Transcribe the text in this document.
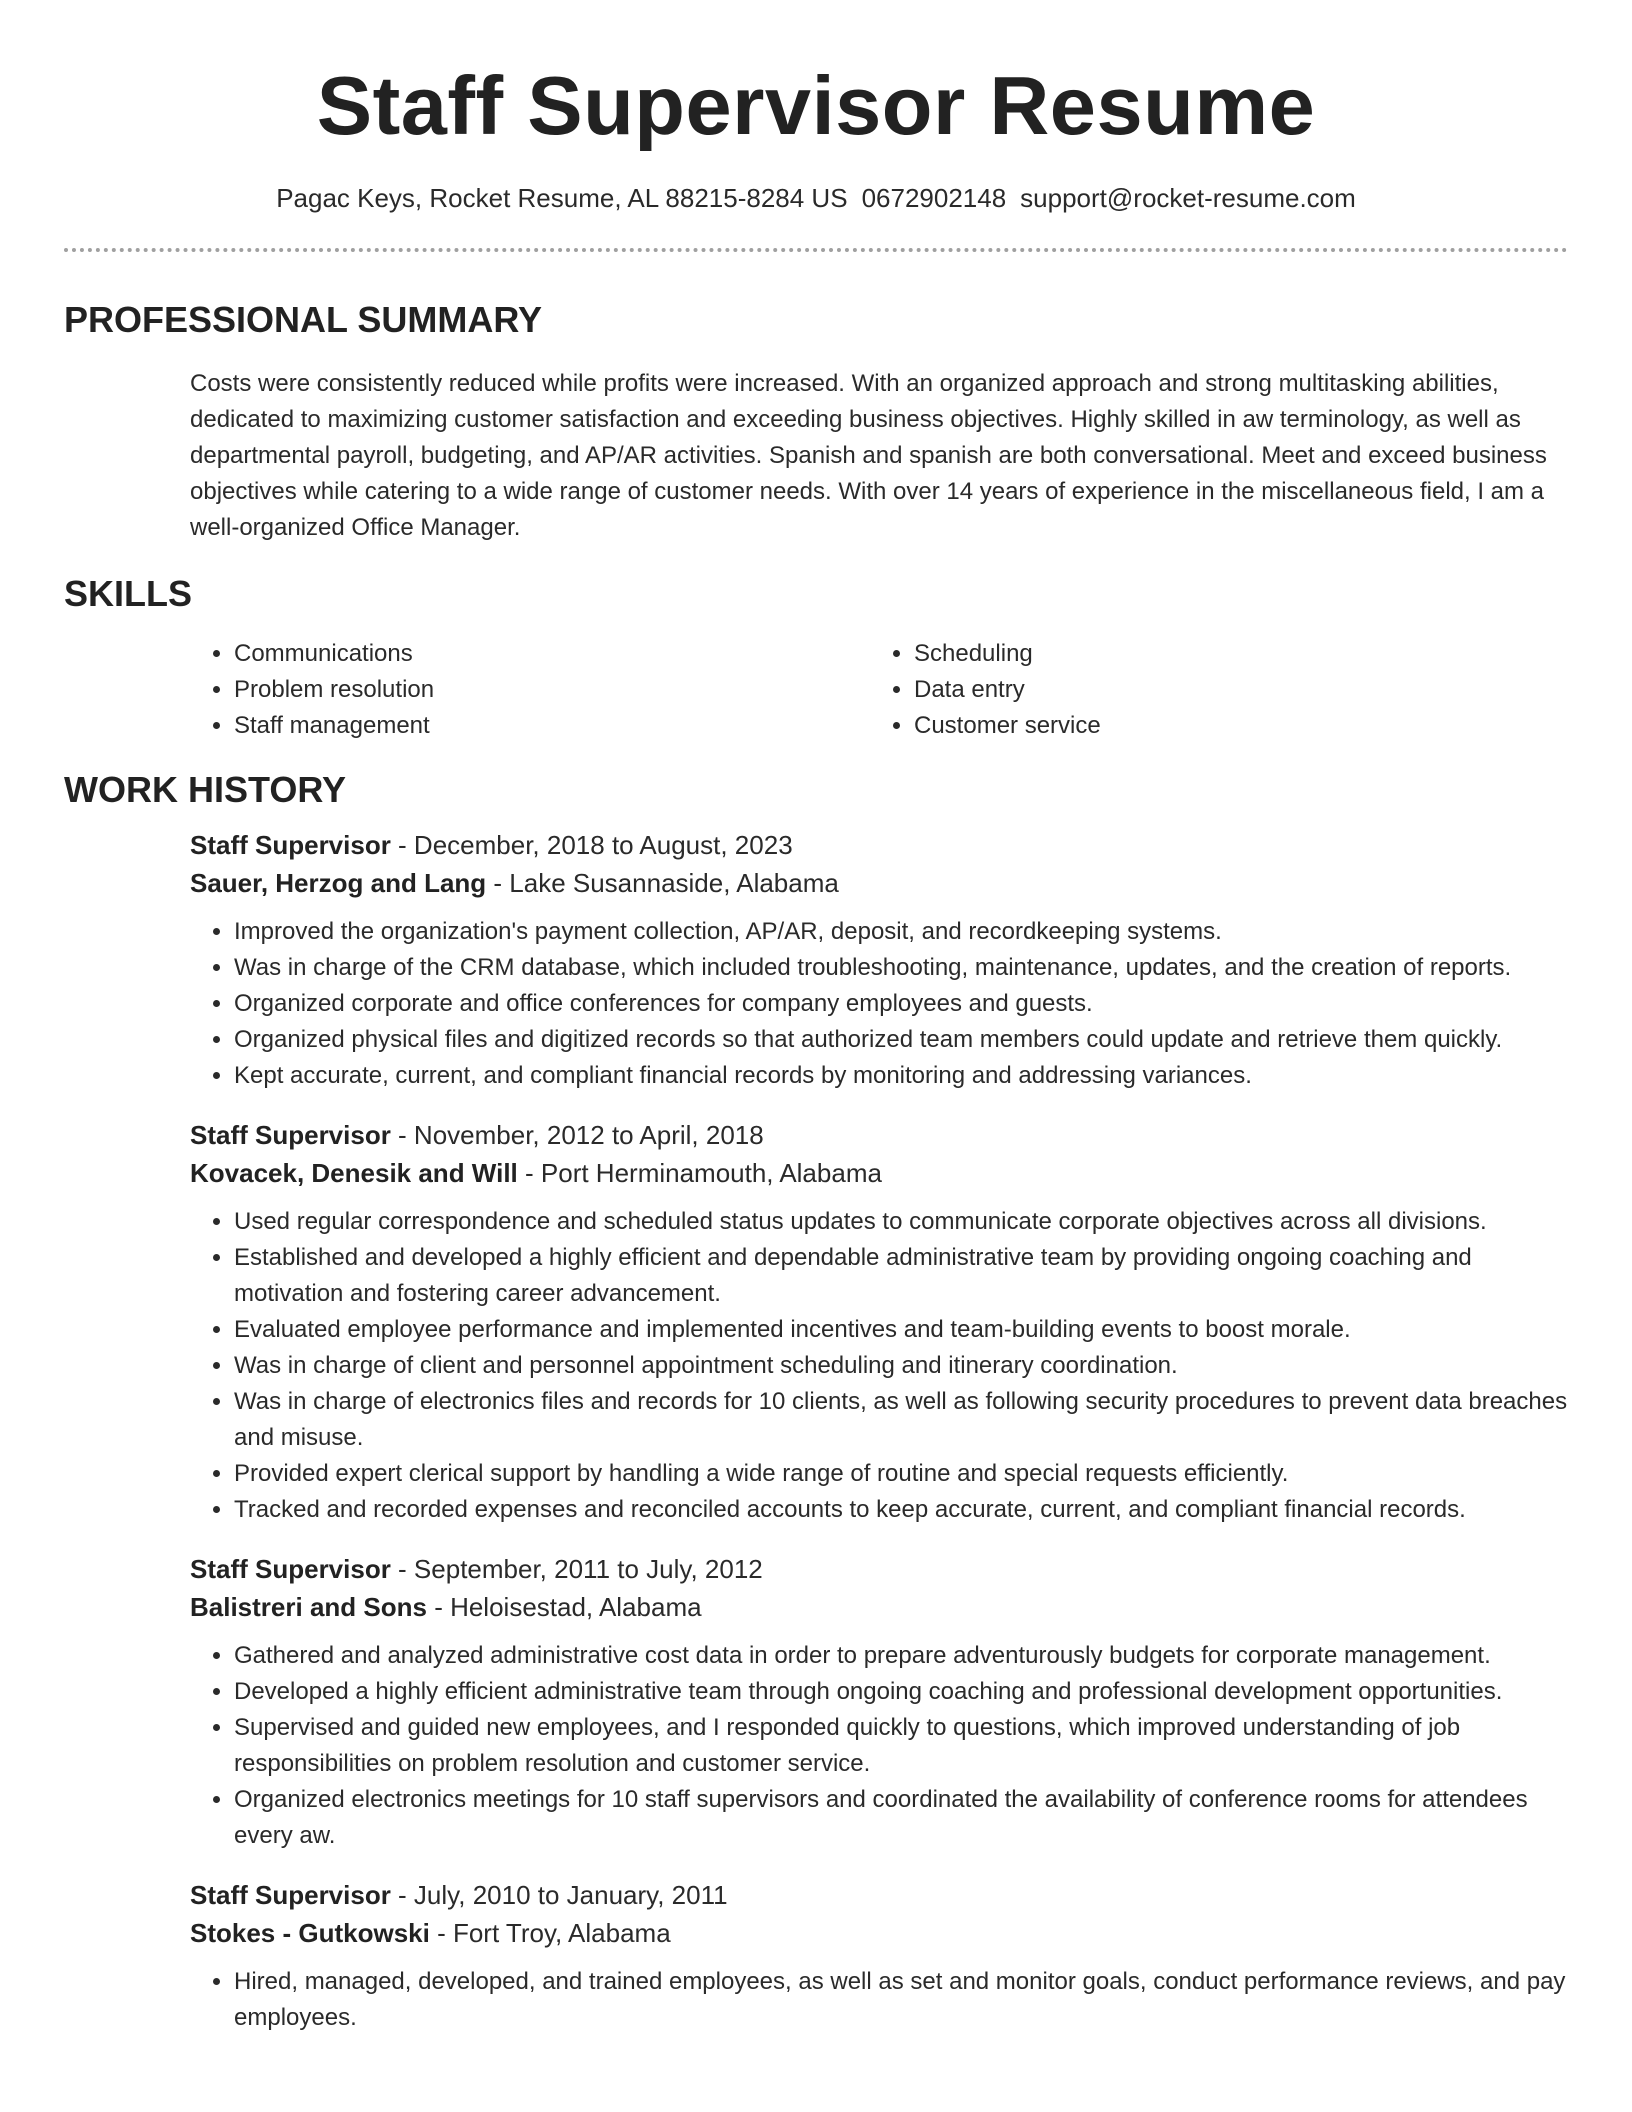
Staff Supervisor Resume
Pagac Keys, Rocket Resume, AL 88215-8284 US 0672902148 support@rocket-resume.com
PROFESSIONAL SUMMARY
Costs were consistently reduced while profits were increased. With an organized approach and strong multitasking abilities, dedicated to maximizing customer satisfaction and exceeding business objectives. Highly skilled in aw terminology, as well as departmental payroll, budgeting, and AP/AR activities. Spanish and spanish are both conversational. Meet and exceed business objectives while catering to a wide range of customer needs. With over 14 years of experience in the miscellaneous field, I am a well-organized Office Manager.
SKILLS
• Communications
• Problem resolution
• Staff management
• Scheduling
• Data entry
• Customer service
WORK HISTORY
Staff Supervisor - December, 2018 to August, 2023
Sauer, Herzog and Lang - Lake Susannaside, Alabama
• Improved the organization's payment collection, AP/AR, deposit, and recordkeeping systems.
• Was in charge of the CRM database, which included troubleshooting, maintenance, updates, and the creation of reports.
• Organized corporate and office conferences for company employees and guests.
• Organized physical files and digitized records so that authorized team members could update and retrieve them quickly.
• Kept accurate, current, and compliant financial records by monitoring and addressing variances.
Staff Supervisor - November, 2012 to April, 2018
Kovacek, Denesik and Will - Port Herminamouth, Alabama
• Used regular correspondence and scheduled status updates to communicate corporate objectives across all divisions.
• Established and developed a highly efficient and dependable administrative team by providing ongoing coaching and motivation and fostering career advancement.
• Evaluated employee performance and implemented incentives and team-building events to boost morale.
• Was in charge of client and personnel appointment scheduling and itinerary coordination.
• Was in charge of electronics files and records for 10 clients, as well as following security procedures to prevent data breaches and misuse.
• Provided expert clerical support by handling a wide range of routine and special requests efficiently.
• Tracked and recorded expenses and reconciled accounts to keep accurate, current, and compliant financial records.
Staff Supervisor - September, 2011 to July, 2012
Balistreri and Sons - Heloisestad, Alabama
• Gathered and analyzed administrative cost data in order to prepare adventurously budgets for corporate management.
• Developed a highly efficient administrative team through ongoing coaching and professional development opportunities.
• Supervised and guided new employees, and I responded quickly to questions, which improved understanding of job responsibilities on problem resolution and customer service.
• Organized electronics meetings for 10 staff supervisors and coordinated the availability of conference rooms for attendees every aw.
Staff Supervisor - July, 2010 to January, 2011
Stokes - Gutkowski - Fort Troy, Alabama
• Hired, managed, developed, and trained employees, as well as set and monitor goals, conduct performance reviews, and pay employees.
